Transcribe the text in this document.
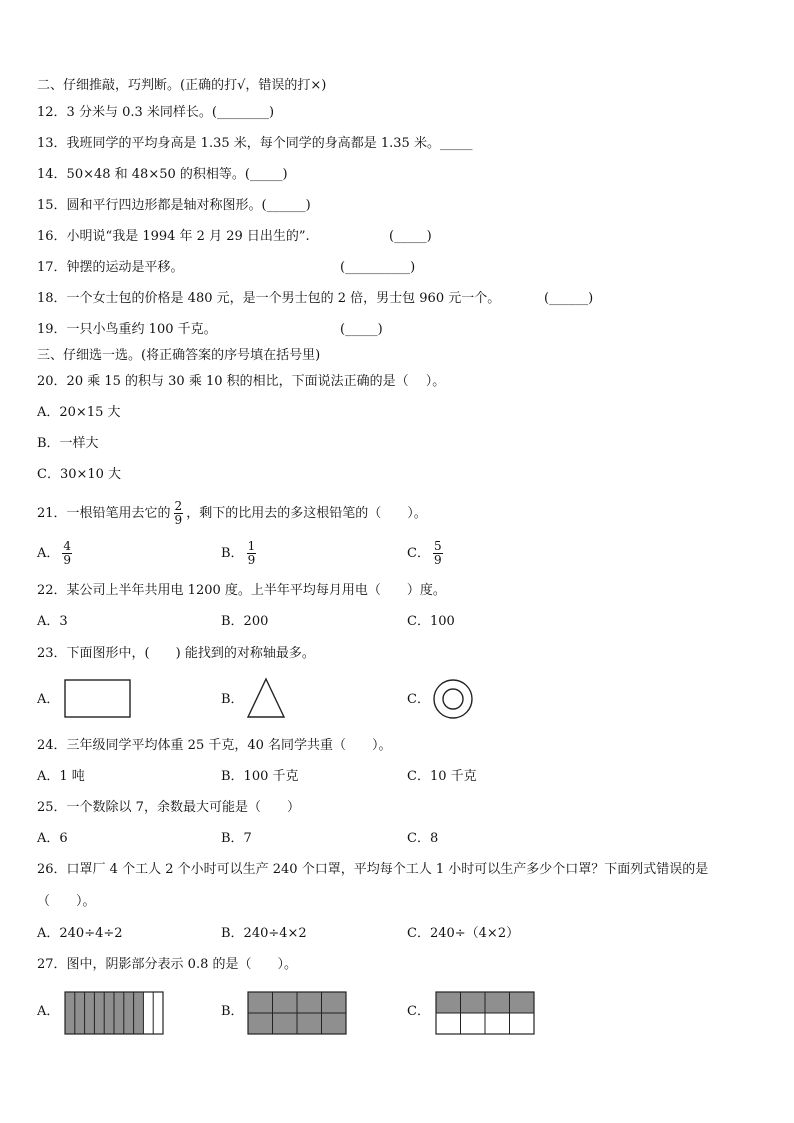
二、仔细推敲，巧判断。(正确的打√，错误的打×)
12．3 分米与 0.3 米同样长。(________)
13．我班同学的平均身高是 1.35 米，每个同学的身高都是 1.35 米。_____
14．50×48 和 48×50 的积相等。(_____)
15．圆和平行四边形都是轴对称图形。(______)
16．小明说“我是 1994 年 2 月 29 日出生的”.	(_____)
17．钟摆的运动是平移。	(__________)
18．一个女士包的价格是 480 元，是一个男士包的 2 倍，男士包 960 元一个。	(______)
19．一只小鸟重约 100 千克。	(_____)
三、仔细选一选。(将正确答案的序号填在括号里)
20．20 乘 15 的积与 30 乘 10 积的相比，下面说法正确的是（　 ）。
A．20×15 大
B．一样大
C．30×10 大
21．一根铅笔用去它的 $\frac{2}{9}$ ，剩下的比用去的多这根铅笔的（　　）。
A． $\frac{4}{9}$	B． $\frac{1}{9}$	C． $\frac{5}{9}$
22．某公司上半年共用电 1200 度。上半年平均每月用电（　　）度。
A．3	B．200	C．100
23．下面图形中，(　　) 能找到的对称轴最多。
A．	B．	C．
24．三年级同学平均体重 25 千克，40 名同学共重（　　）。
A．1 吨	B．100 千克	C．10 千克
25．一个数除以 7，余数最大可能是（　　）
A．6	B．7	C．8
26．口罩厂 4 个工人 2 个小时可以生产 240 个口罩，平均每个工人 1 小时可以生产多少个口罩？下面列式错误的是
（　　）。
A．240÷4÷2	B．240÷4×2	C．240÷（4×2）
27．图中，阴影部分表示 0.8 的是（　　）。
A．	B．	C．
